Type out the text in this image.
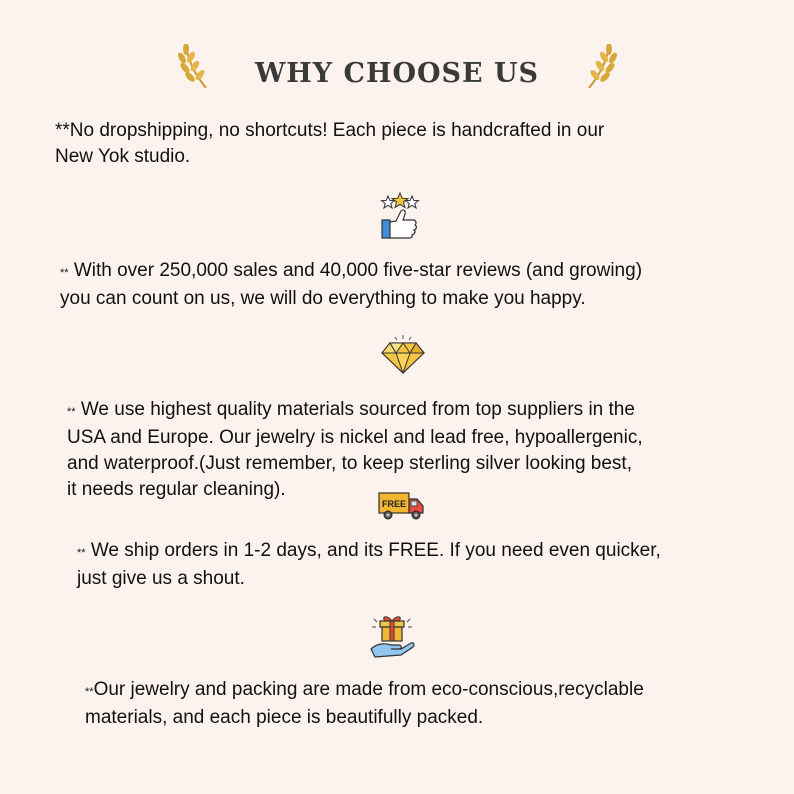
WHY CHOOSE US

**No dropshipping, no shortcuts! Each piece is handcrafted in our
New Yok studio.

** With over 250,000 sales and 40,000 five-star reviews (and growing)
you can count on us, we will do everything to make you happy.

** We use highest quality materials sourced from top suppliers in the
USA and Europe. Our jewelry is nickel and lead free, hypoallergenic,
and waterproof.(Just remember, to keep sterling silver looking best,
it needs regular cleaning).

FREE

** We ship orders in 1-2 days, and its FREE. If you need even quicker,
just give us a shout.

**Our jewelry and packing are made from eco-conscious,recyclable
materials, and each piece is beautifully packed.
